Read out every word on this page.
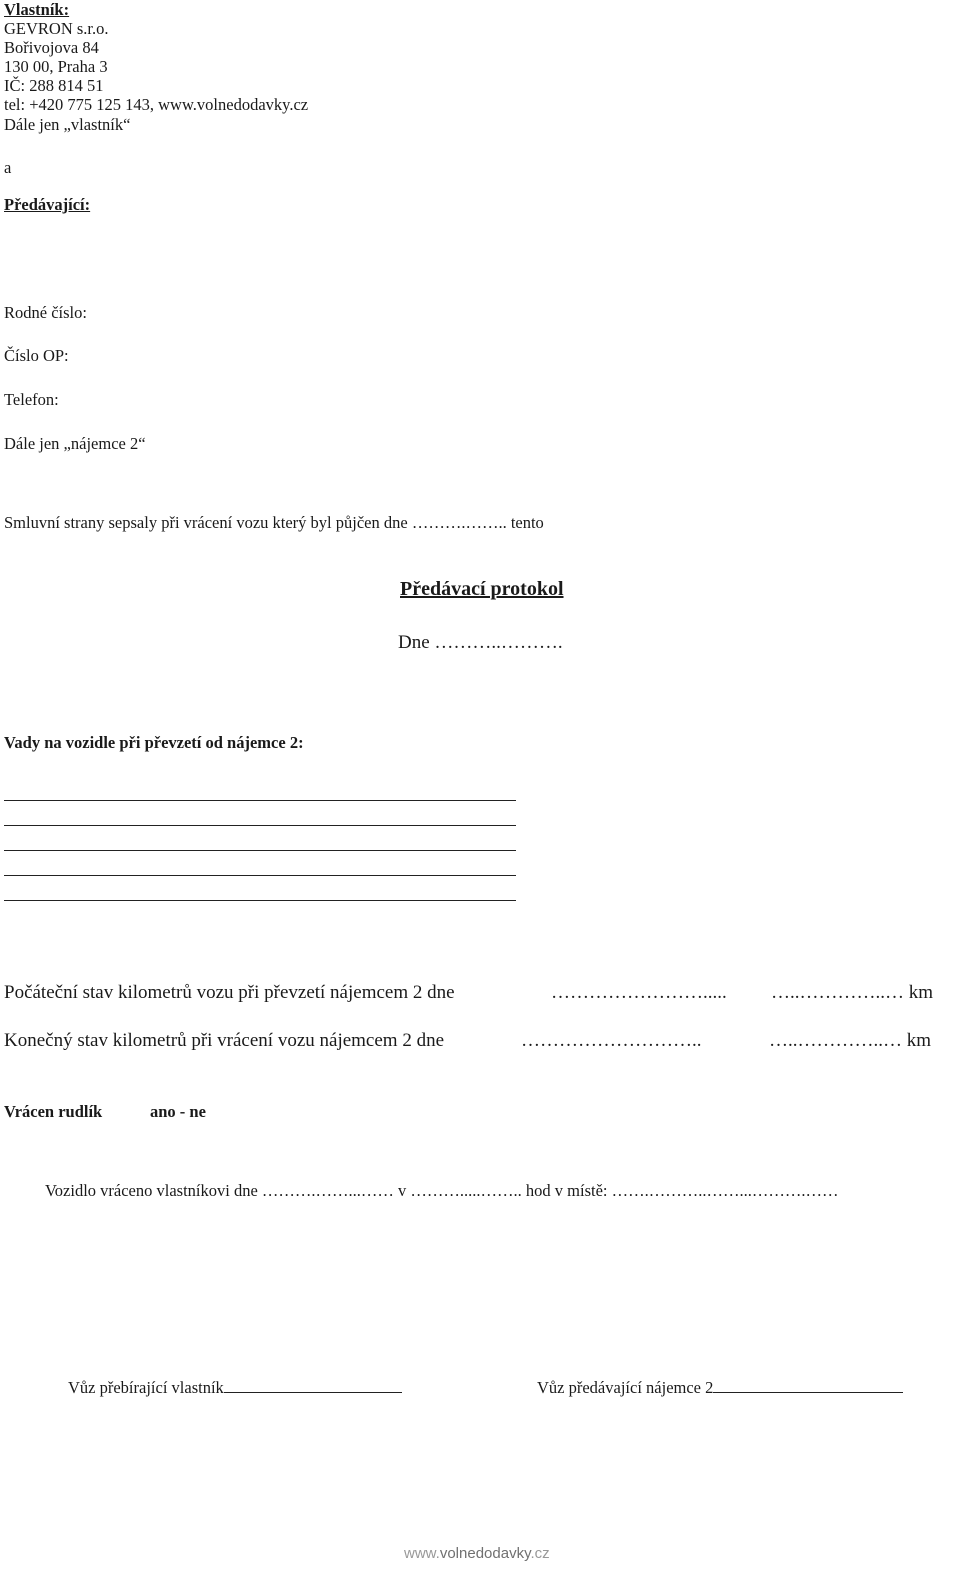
Vlastník:
GEVRON s.r.o.
Bořivojova 84
130 00, Praha 3
IČ: 288 814 51
tel: +420 775 125 143, www.volnedodavky.cz
Dále jen „vlastník“
a
Předávající:
Rodné číslo:
Číslo OP:
Telefon:
Dále jen „nájemce 2“
Smluvní strany sepsaly při vrácení vozu který byl půjčen dne ……….…….. tento
Předávací protokol
Dne ………..……….
Vady na vozidle při převzetí od nájemce 2:
Počáteční stav kilometrů vozu při převzetí nájemcem 2 dne	……………………..... …..…………..… km
Konečný stav kilometrů při vrácení vozu nájemcem 2 dne	………………………..	…..…………..… km
Vrácen rudlík	ano - ne
Vozidlo vráceno vlastníkovi dne ……….……...…… v ……….....…….. hod v místě: …….………..……...……….……
Vůz přebírající vlastník	Vůz předávající nájemce 2
www.volnedodavky.cz
